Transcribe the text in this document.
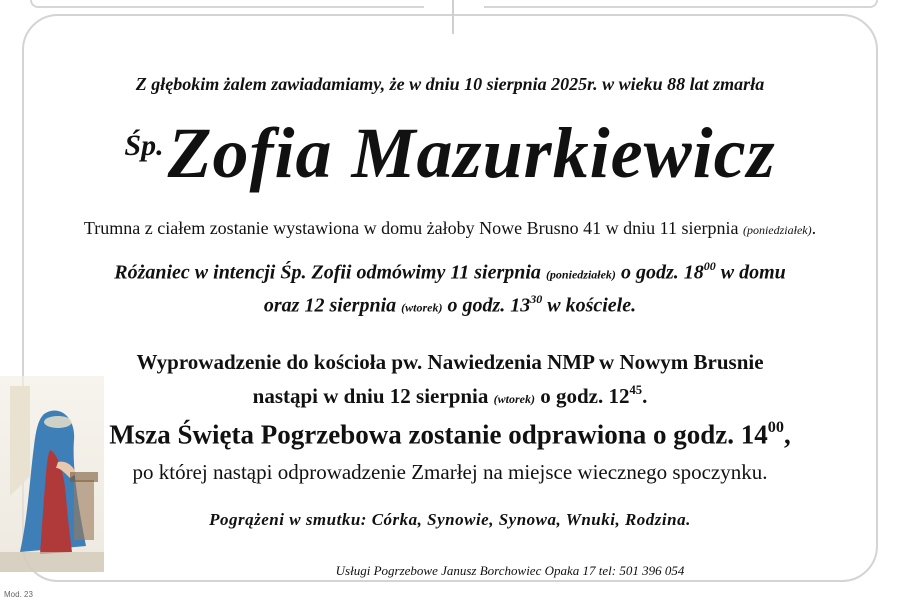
Z głębokim żalem zawiadamiamy, że w dniu 10 sierpnia 2025r. w wieku 88 lat zmarła
Śp.Zofia Mazurkiewicz
Trumna z ciałem zostanie wystawiona w domu żałoby Nowe Brusno 41 w dniu 11 sierpnia (poniedziałek).
Różaniec w intencji Śp. Zofii odmówimy 11 sierpnia (poniedziałek) o godz. $18^{00}$ w domu
oraz 12 sierpnia (wtorek) o godz. $13^{30}$ w kościele.
Wyprowadzenie do kościoła pw. Nawiedzenia NMP w Nowym Brusnie
nastąpi w dniu 12 sierpnia (wtorek) o godz. $12^{45}$.
Msza Święta Pogrzebowa zostanie odprawiona o godz. $14^{00}$,
po której nastąpi odprowadzenie Zmarłej na miejsce wiecznego spoczynku.
Pogrążeni w smutku: Córka, Synowie, Synowa, Wnuki, Rodzina.
Usługi Pogrzebowe Janusz Borchowiec Opaka 17 tel: 501 396 054
Mod. 23
